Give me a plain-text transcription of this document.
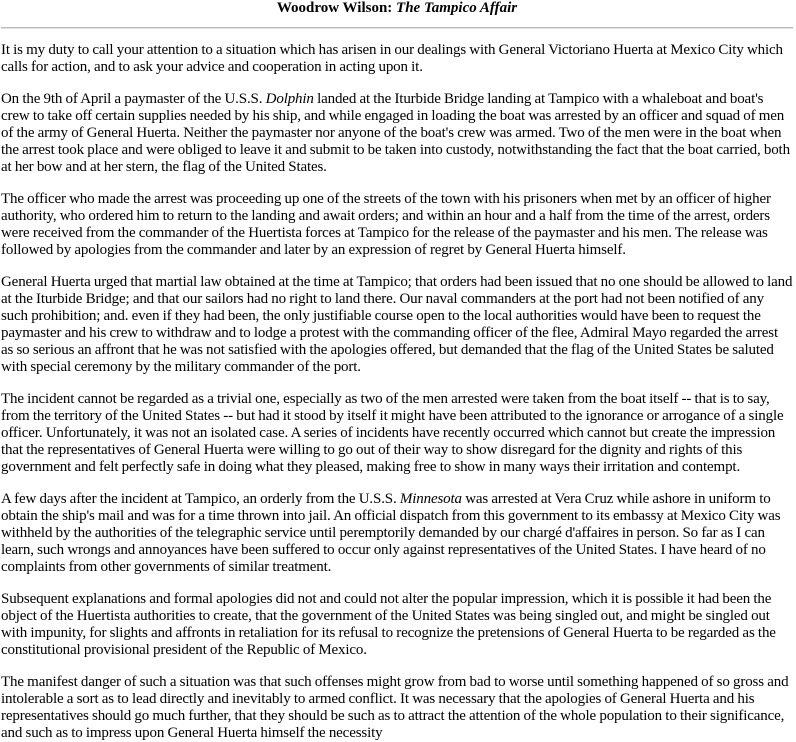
Woodrow Wilson: The Tampico Affair

It is my duty to call your attention to a situation which has arisen in our dealings with General Victoriano Huerta at Mexico City which calls for action, and to ask your advice and cooperation in acting upon it.

On the 9th of April a paymaster of the U.S.S. Dolphin landed at the Iturbide Bridge landing at Tampico with a whaleboat and boat's crew to take off certain supplies needed by his ship, and while engaged in loading the boat was arrested by an officer and squad of men of the army of General Huerta. Neither the paymaster nor anyone of the boat's crew was armed. Two of the men were in the boat when the arrest took place and were obliged to leave it and submit to be taken into custody, notwithstanding the fact that the boat carried, both at her bow and at her stern, the flag of the United States.

The officer who made the arrest was proceeding up one of the streets of the town with his prisoners when met by an officer of higher authority, who ordered him to return to the landing and await orders; and within an hour and a half from the time of the arrest, orders were received from the commander of the Huertista forces at Tampico for the release of the paymaster and his men. The release was followed by apologies from the commander and later by an expression of regret by General Huerta himself.

General Huerta urged that martial law obtained at the time at Tampico; that orders had been issued that no one should be allowed to land at the Iturbide Bridge; and that our sailors had no right to land there. Our naval commanders at the port had not been notified of any such prohibition; and. even if they had been, the only justifiable course open to the local authorities would have been to request the paymaster and his crew to withdraw and to lodge a protest with the commanding officer of the flee, Admiral Mayo regarded the arrest as so serious an affront that he was not satisfied with the apologies offered, but demanded that the flag of the United States be saluted with special ceremony by the military commander of the port.

The incident cannot be regarded as a trivial one, especially as two of the men arrested were taken from the boat itself -- that is to say, from the territory of the United States -- but had it stood by itself it might have been attributed to the ignorance or arrogance of a single officer. Unfortunately, it was not an isolated case. A series of incidents have recently occurred which cannot but create the impression that the representatives of General Huerta were willing to go out of their way to show disregard for the dignity and rights of this government and felt perfectly safe in doing what they pleased, making free to show in many ways their irritation and contempt.

A few days after the incident at Tampico, an orderly from the U.S.S. Minnesota was arrested at Vera Cruz while ashore in uniform to obtain the ship's mail and was for a time thrown into jail. An official dispatch from this government to its embassy at Mexico City was withheld by the authorities of the telegraphic service until peremptorily demanded by our chargé d'affaires in person. So far as I can learn, such wrongs and annoyances have been suffered to occur only against representatives of the United States. I have heard of no complaints from other governments of similar treatment.

Subsequent explanations and formal apologies did not and could not alter the popular impression, which it is possible it had been the object of the Huertista authorities to create, that the government of the United States was being singled out, and might be singled out with impunity, for slights and affronts in retaliation for its refusal to recognize the pretensions of General Huerta to be regarded as the constitutional provisional president of the Republic of Mexico.

The manifest danger of such a situation was that such offenses might grow from bad to worse until something happened of so gross and intolerable a sort as to lead directly and inevitably to armed conflict. It was necessary that the apologies of General Huerta and his representatives should go much further, that they should be such as to attract the attention of the whole population to their significance, and such as to impress upon General Huerta himself the necessity
